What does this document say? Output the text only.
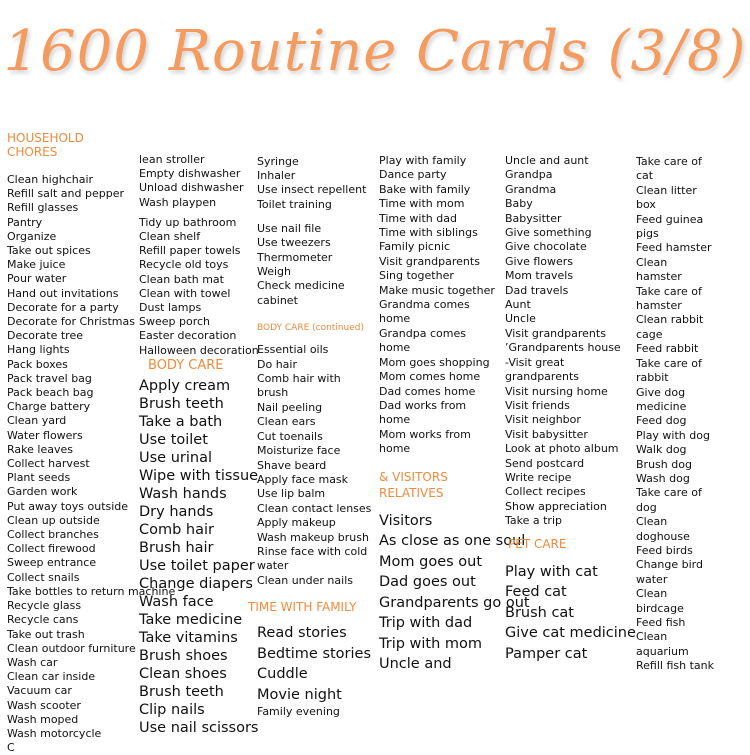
1600 Routine Cards (3/8)
HOUSEHOLD CHORES
Clean highchair
Refill salt and pepper
Refill glasses
Pantry
Organize
Take out spices
Make juice
Pour water
Hand out invitations
Decorate for a party
Decorate for Christmas
Decorate tree
Hang lights
Pack boxes
Pack travel bag
Pack beach bag
Charge battery
Clean yard
Water flowers
Rake leaves
Collect harvest
Plant seeds
Garden work
Put away toys outside
Clean up outside
Collect branches
Collect firewood
Sweep entrance
Collect snails
Take bottles to return machine
Recycle glass
Recycle cans
Take out trash
Clean outdoor furniture
Wash car
Clean car inside
Vacuum car
Wash scooter
Wash moped
Wash motorcycle
C
lean stroller
Empty dishwasher
Unload dishwasher
Wash playpen
Tidy up bathroom
Clean shelf
Refill paper towels
Recycle old toys
Clean bath mat
Clean with towel
Dust lamps
Sweep porch
Easter decoration
Halloween decoration
BODY CARE
Apply cream
Brush teeth
Take a bath
Use toilet
Use urinal
Wipe with tissue
Wash hands
Dry hands
Comb hair
Brush hair
Use toilet paper
Change diapers
Wash face
Take medicine
Take vitamins
Brush shoes
Clean shoes
Brush teeth
Clip nails
Use nail scissors
Syringe
Inhaler
Use insect repellent
Toilet training
Use nail file
Use tweezers
Thermometer
Weigh
Check medicine cabinet
BODY CARE (continued)
Essential oils
Do hair
Comb hair with brush
Nail peeling
Clean ears
Cut toenails
Moisturize face
Shave beard
Apply face mask
Use lip balm
Clean contact lenses
Apply makeup
Wash makeup brush
Rinse face with cold water
Clean under nails
TIME WITH FAMILY
Read stories
Bedtime stories
Cuddle
Movie night
Family evening
Play with family
Dance party
Bake with family
Time with mom
Time with dad
Time with siblings
Family picnic
Visit grandparents
Sing together
Make music together
Grandma comes home
Grandpa comes home
Mom goes shopping
Mom comes home
Dad comes home
Dad works from home
Mom works from home
& VISITORS RELATIVES
Visitors
As close as one soul
Mom goes out
Dad goes out
Grandparents go out
Trip with dad
Trip with mom
Uncle and
Uncle and aunt
Grandpa
Grandma
Baby
Babysitter
Give something
Give chocolate
Give flowers
Mom travels
Dad travels
Aunt
Uncle
Visit grandparents
’Grandparents house
-Visit great grandparents
Visit nursing home
Visit friends
Visit neighbor
Visit babysitter
Look at photo album
Send postcard
Write recipe
Collect recipes
Show appreciation
Take a trip
PET CARE
Play with cat
Feed cat
Brush cat
Give cat medicine
Pamper cat
Take care of cat
Clean litter box
Feed guinea pigs
Feed hamster
Clean hamster
Take care of hamster
Clean rabbit cage
Feed rabbit
Take care of rabbit
Give dog medicine
Feed dog
Play with dog
Walk dog
Brush dog
Wash dog
Take care of dog
Clean doghouse
Feed birds
Change bird water
Clean birdcage
Feed fish
Clean aquarium
Refill fish tank
